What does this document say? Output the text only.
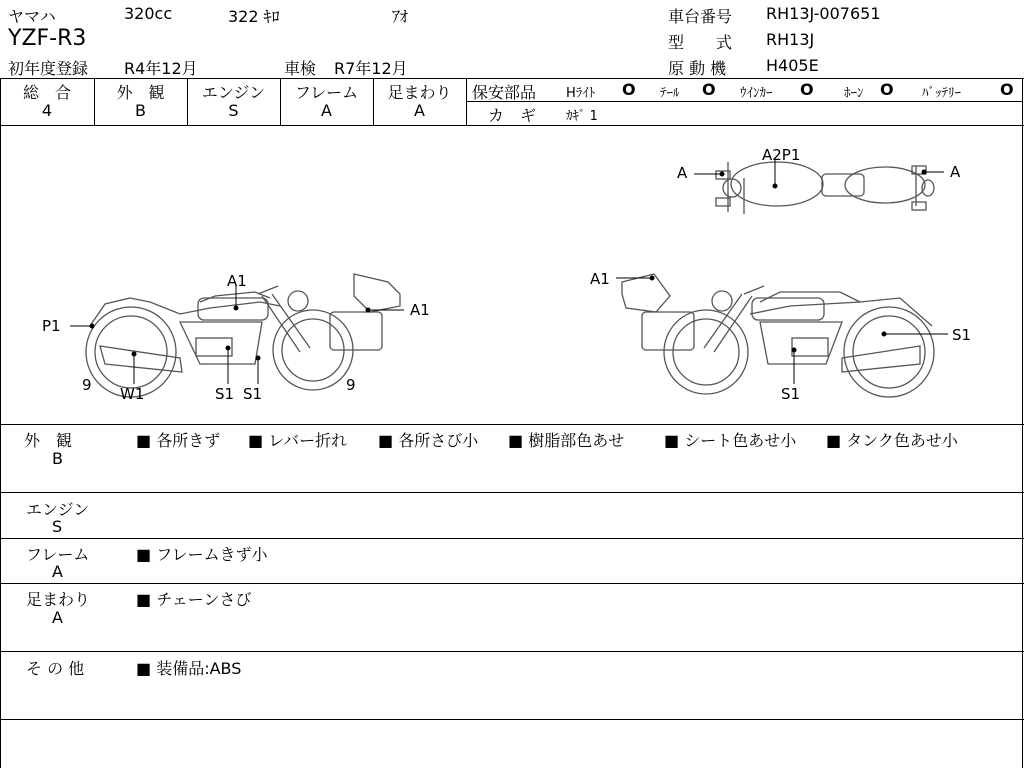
ヤマハ	320cc	322 ｷﾛ	ｱｵ
YZF-R3
初年度登録 R4年12月	車検 R7年12月
車台番号 RH13J-007651
型　　式 RH13J
原 動 機 H405E
総　合	外　観	エンジン	フレーム	足まわり
4	B	S	A	A
保安部品 Hﾗｲﾄ O ﾃｰﾙ O ｳｲﾝｶｰ O ﾎｰﾝ O ﾊﾞｯﾃﾘｰ O
カ　ギ ｶｷﾞ 1
A
A2P1
A
A1
P1
A1
9 W1	S1 S1	9
A1
S1
S1
外　観
B
■ 各所きず ■ レバー折れ ■ 各所さび小 ■ 樹脂部色あせ ■ シート色あせ小 ■ タンク色あせ小
エンジン
S
フレーム
A
■ フレームきず小
足まわり
A
■ チェーンさび
そ の 他	■ 装備品:ABS
